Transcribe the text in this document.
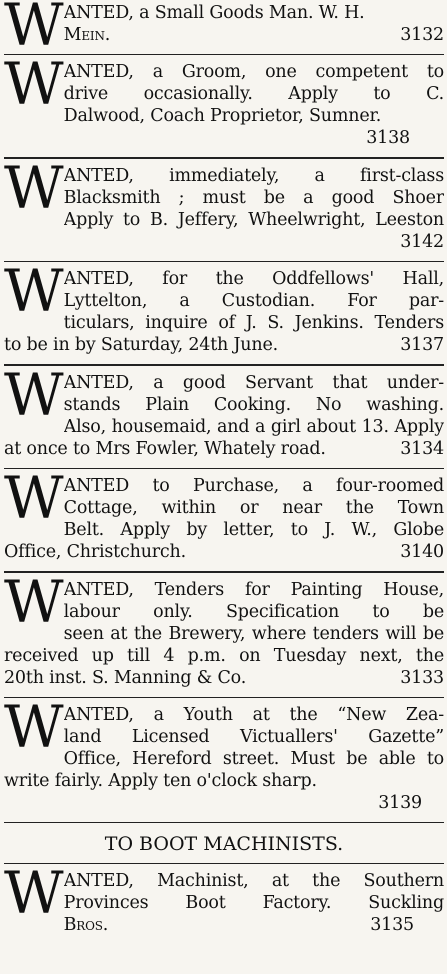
W ANTED, a Small Goods Man. W. H.
Mein.	3132
W ANTED, a Groom, one competent to
drive occasionally. Apply to C.
Dalwood, Coach Proprietor, Sumner.
3138
W ANTED, immediately, a first-class
Blacksmith ; must be a good Shoer
Apply to B. Jeffery, Wheelwright, Leeston
3142
W ANTED, for the Oddfellows' Hall,
Lyttelton, a Custodian. For par-
ticulars, inquire of J. S. Jenkins. Tenders
to be in by Saturday, 24th June.	3137
W ANTED, a good Servant that under-
stands Plain Cooking. No washing.
Also, housemaid, and a girl about 13. Apply
at once to Mrs Fowler, Whately road.	3134
W ANTED to Purchase, a four-roomed
Cottage, within or near the Town
Belt. Apply by letter, to J. W., Globe
Office, Christchurch.	3140
W ANTED, Tenders for Painting House,
labour only. Specification to be
seen at the Brewery, where tenders will be
received up till 4 p.m. on Tuesday next, the
20th inst. S. Manning & Co.	3133
W ANTED, a Youth at the “New Zea-
land Licensed Victuallers' Gazette”
Office, Hereford street. Must be able to
write fairly. Apply ten o'clock sharp.
3139
TO BOOT MACHINISTS.
W ANTED, Machinist, at the Southern
Provinces Boot Factory. Suckling
Bros.	3135
